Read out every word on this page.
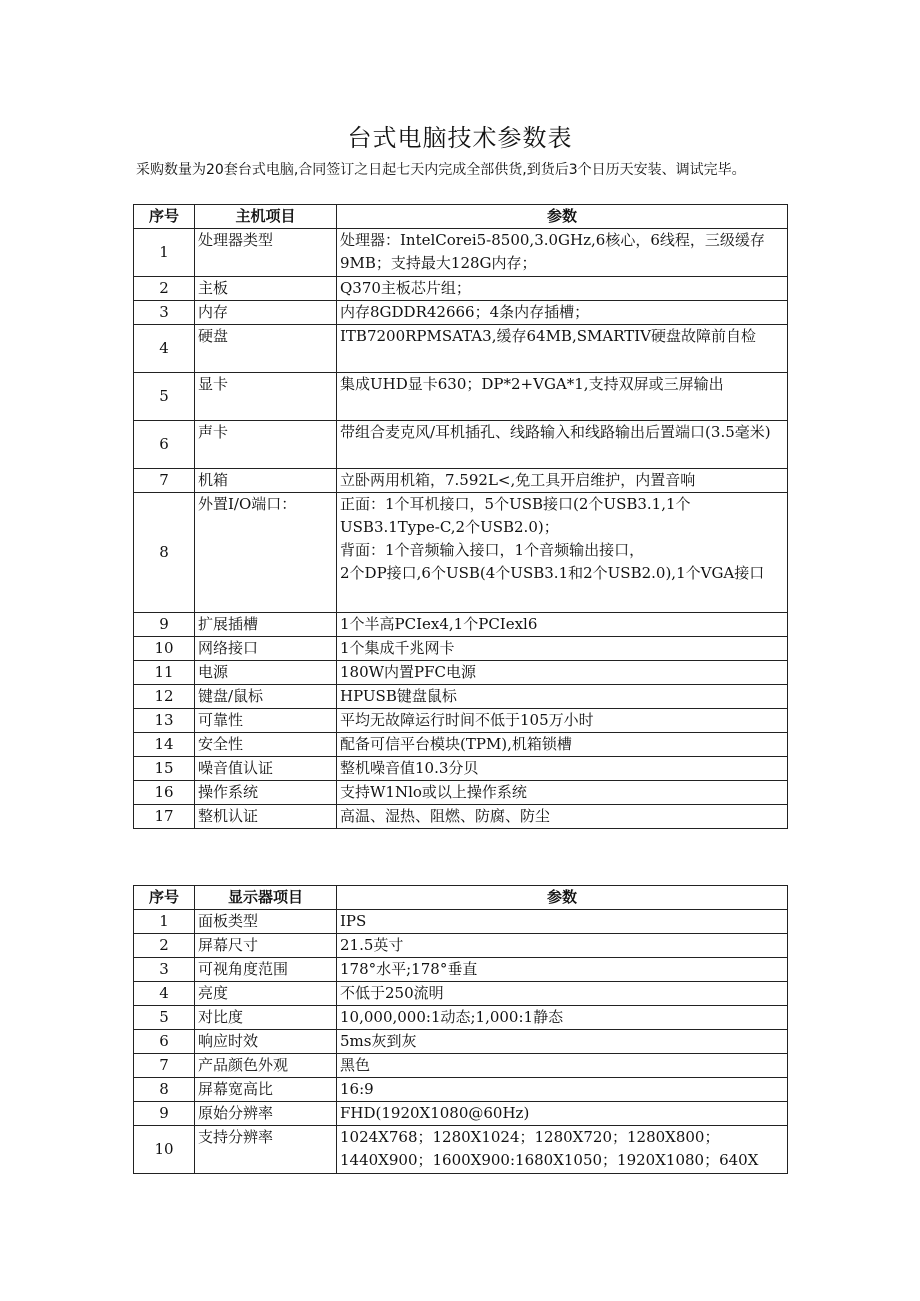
台式电脑技术参数表

采购数量为20套台式电脑,合同签订之日起七天内完成全部供货,到货后3个日历天安装、调试完毕。

序号	主机项目	参数
1	处理器类型	处理器：IntelCorei5-8500,3.0GHz,6核心，6线程，三级缓存9MB；支持最大128G内存；
2	主板	Q370主板芯片组；
3	内存	内存8GDDR42666；4条内存插槽；
4	硬盘	ITB7200RPMSATA3,缓存64MB,SMARTIV硬盘故障前自检
5	显卡	集成UHD显卡630；DP*2+VGA*1,支持双屏或三屏输出
6	声卡	带组合麦克风/耳机插孔、线路输入和线路输出后置端口(3.5毫米)
7	机箱	立卧两用机箱，7.592L<,免工具开启维护，内置音响
8	外置I/O端口：	正面：1个耳机接口，5个USB接口(2个USB3.1,1个USB3.1Type-C,2个USB2.0)；
背面：1个音频输入接口，1个音频输出接口，
2个DP接口,6个USB(4个USB3.1和2个USB2.0),1个VGA接口
9	扩展插槽	1个半高PCIex4,1个PCIexl6
10	网络接口	1个集成千兆网卡
11	电源	180W内置PFC电源
12	键盘/鼠标	HPUSB键盘鼠标
13	可靠性	平均无故障运行时间不低于105万小时
14	安全性	配备可信平台模块(TPM),机箱锁槽
15	噪音值认证	整机噪音值10.3分贝
16	操作系统	支持W1Nlo或以上操作系统
17	整机认证	高温、湿热、阻燃、防腐、防尘
序号	显示器项目	参数
1	面板类型	IPS
2	屏幕尺寸	21.5英寸
3	可视角度范围	178°水平;178°垂直
4	亮度	不低于250流明
5	对比度	10,000,000:1动态;1,000:1静态
6	响应时效	5ms灰到灰
7	产品颜色外观	黑色
8	屏幕宽高比	16:9
9	原始分辨率	FHD(1920X1080@60Hz)
10	支持分辨率	1024X768；1280X1024；1280X720；1280X800；1440X900；1600X900:1680X1050；1920X1080；640X
